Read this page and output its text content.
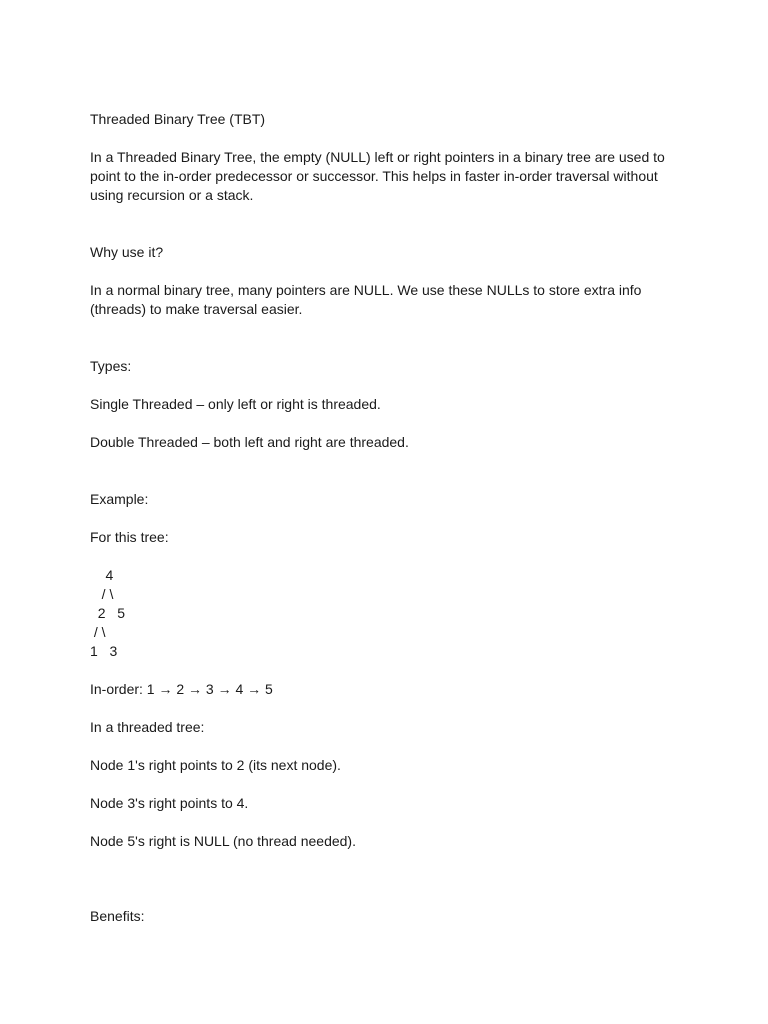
Threaded Binary Tree (TBT)

In a Threaded Binary Tree, the empty (NULL) left or right pointers in a binary tree are used to point to the in-order predecessor or successor. This helps in faster in-order traversal without using recursion or a stack.

Why use it?

In a normal binary tree, many pointers are NULL. We use these NULLs to store extra info (threads) to make traversal easier.

Types:

Single Threaded – only left or right is threaded.

Double Threaded – both left and right are threaded.

Example:

For this tree:

4

/ \

2   5

/ \

1   3

In-order: 1 → 2 → 3 → 4 → 5

In a threaded tree:

Node 1's right points to 2 (its next node).

Node 3's right points to 4.

Node 5's right is NULL (no thread needed).

Benefits:
